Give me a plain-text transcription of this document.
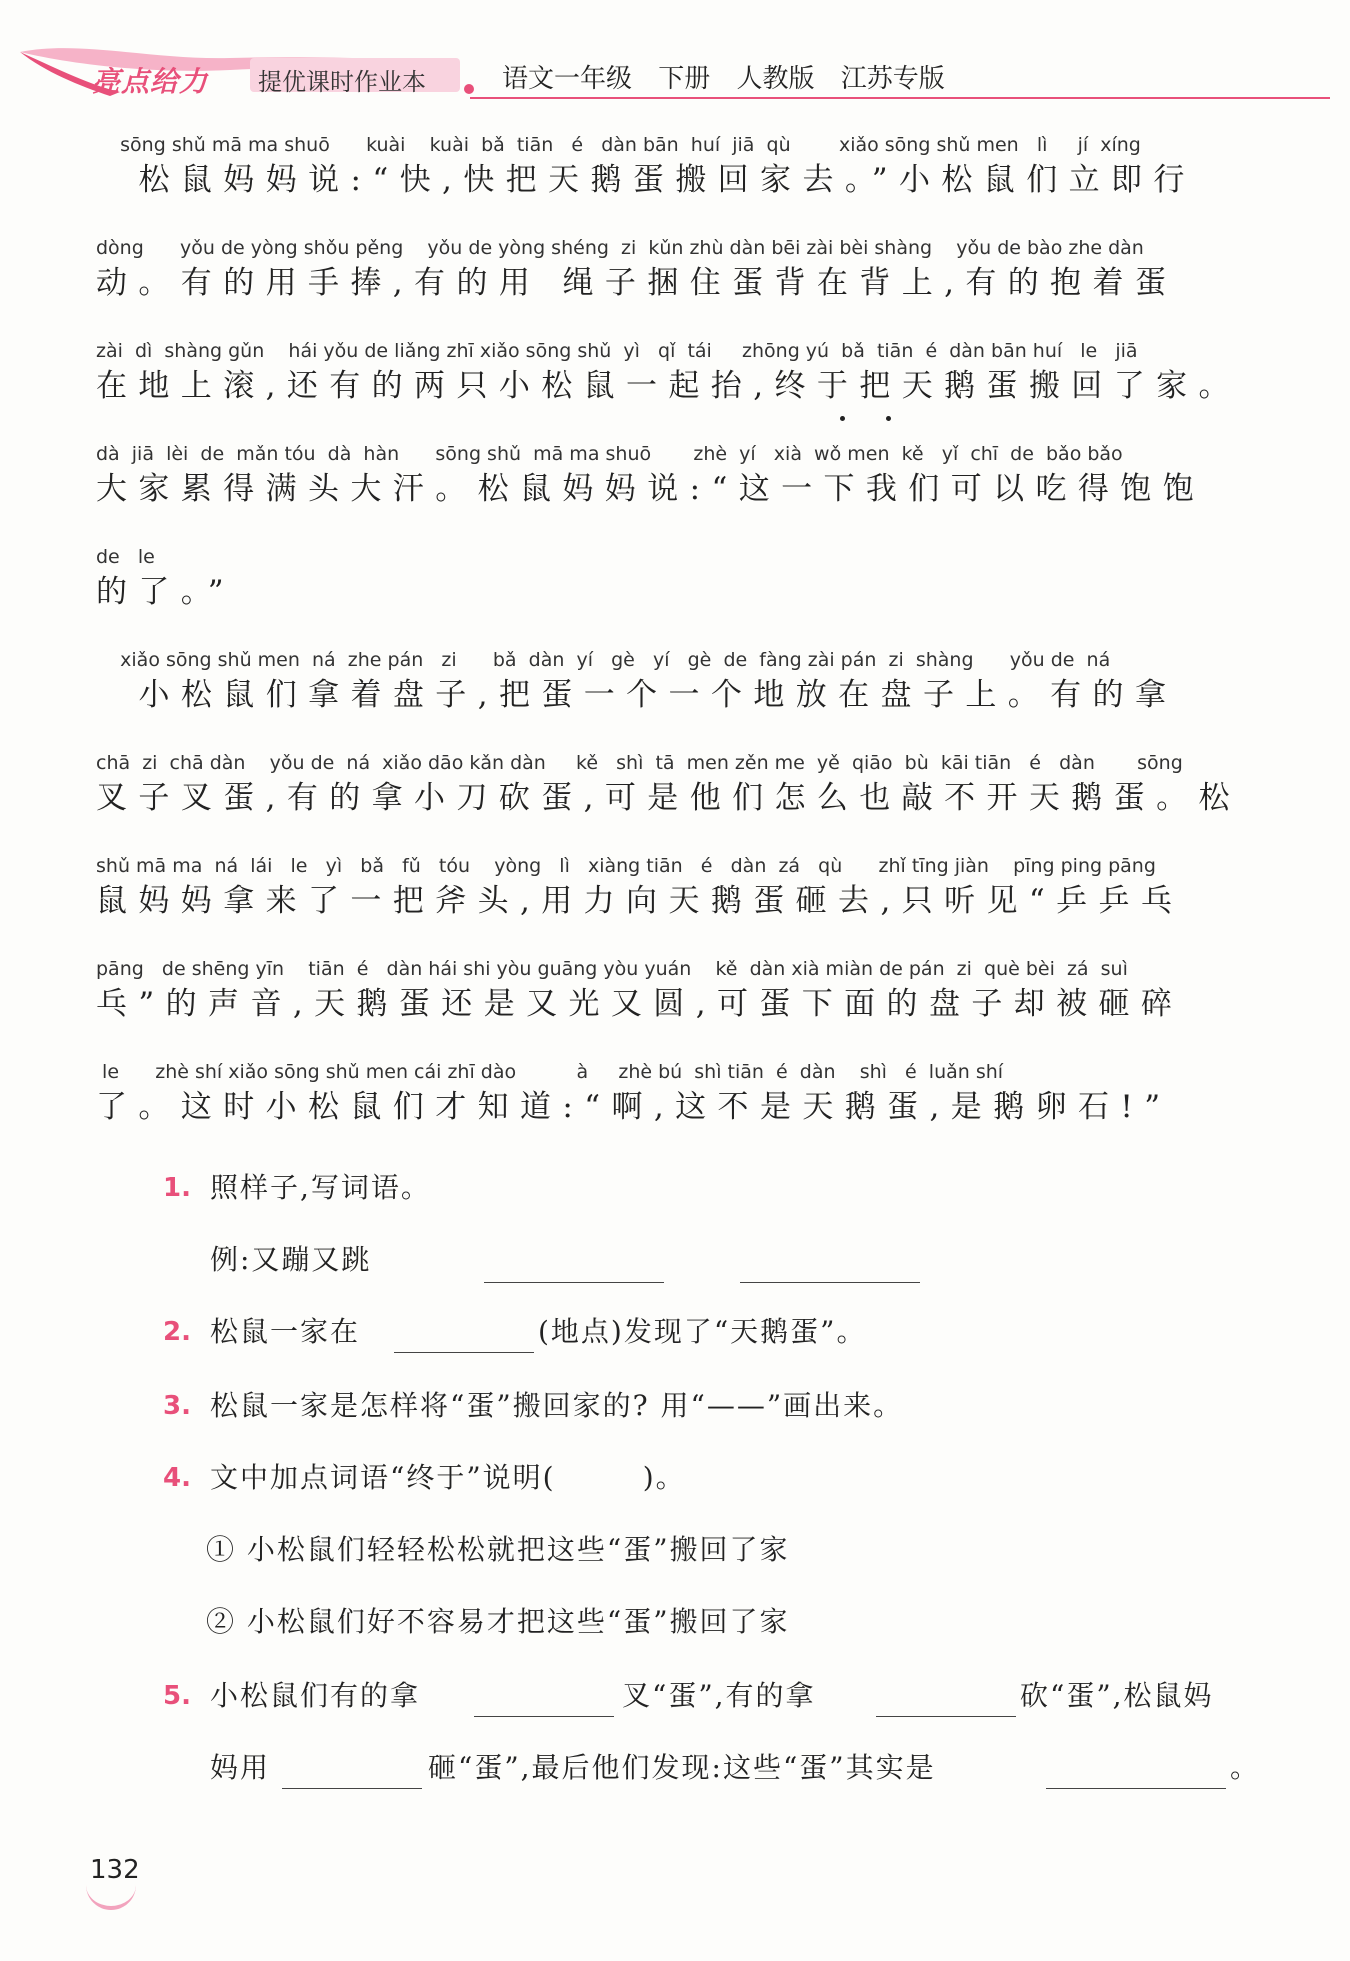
亮点给力 提优课时作业本	语文一年级 下册 人教版 江苏专版
sōng shǔ mā ma shuō      kuài    kuài  bǎ  tiān   é   dàn bān  huí  jiā  qù        xiǎo sōng shǔ men   lì     jí  xíng
松鼠妈妈说:“快,快把天鹅蛋搬回家去。”小松鼠们立即行
dòng      yǒu de yòng shǒu pěng    yǒu de yòng shéng  zi  kǔn zhù dàn bēi zài bèi shàng    yǒu de bào zhe dàn
动。有的用手捧,有的用 绳子捆住蛋背在背上,有的抱着蛋
zài  dì  shàng gǔn    hái yǒu de liǎng zhī xiǎo sōng shǔ  yì   qǐ  tái     zhōng yú  bǎ  tiān  é  dàn bān huí   le   jiā
在地上滚,还有的两只小松鼠一起抬,终于把天鹅蛋搬回了家。
dà  jiā  lèi  de  mǎn tóu  dà  hàn      sōng shǔ  mā ma shuō       zhè  yí   xià  wǒ men  kě   yǐ  chī  de  bǎo bǎo
大家累得满头大汗。松鼠妈妈说:“这一下我们可以吃得饱饱
de   le
的了。”
xiǎo sōng shǔ men  ná  zhe pán   zi      bǎ  dàn  yí   gè   yí   gè  de  fàng zài pán  zi  shàng      yǒu de  ná
小松鼠们拿着盘子,把蛋一个一个地放在盘子上。有的拿
chā  zi  chā dàn    yǒu de  ná  xiǎo dāo kǎn dàn     kě   shì  tā  men zěn me  yě  qiāo  bù  kāi tiān   é   dàn       sōng
叉子叉蛋,有的拿小刀砍蛋,可是他们怎么也敲不开天鹅蛋。松
shǔ mā ma  ná  lái   le   yì   bǎ   fǔ   tóu    yòng   lì   xiàng tiān   é   dàn  zá   qù      zhǐ tīng jiàn    pīng ping pāng
鼠妈妈拿来了一把斧头,用力向天鹅蛋砸去,只听见“乒乒乓
pāng   de shēng yīn    tiān  é   dàn hái shi yòu guāng yòu yuán    kě  dàn xià miàn de pán  zi  què bèi  zá  suì
乓”的声音,天鹅蛋还是又光又圆,可蛋下面的盘子却被砸碎
le      zhè shí xiǎo sōng shǔ men cái zhī dào          à     zhè bú  shì tiān  é  dàn    shì   é  luǎn shí
了。这时小松鼠们才知道:“啊,这不是天鹅蛋,是鹅卵石!”
1. 照样子,写词语。
例:又蹦又跳
2. 松鼠一家在	(地点)发现了“天鹅蛋”。
3. 松鼠一家是怎样将“蛋”搬回家的? 用“——”画出来。
4. 文中加点词语“终于”说明(        )。
① 小松鼠们轻轻松松就把这些“蛋”搬回了家
② 小松鼠们好不容易才把这些“蛋”搬回了家
5. 小松鼠们有的拿	叉“蛋”,有的拿	砍“蛋”,松鼠妈
妈用	砸“蛋”,最后他们发现:这些“蛋”其实是	。
132
